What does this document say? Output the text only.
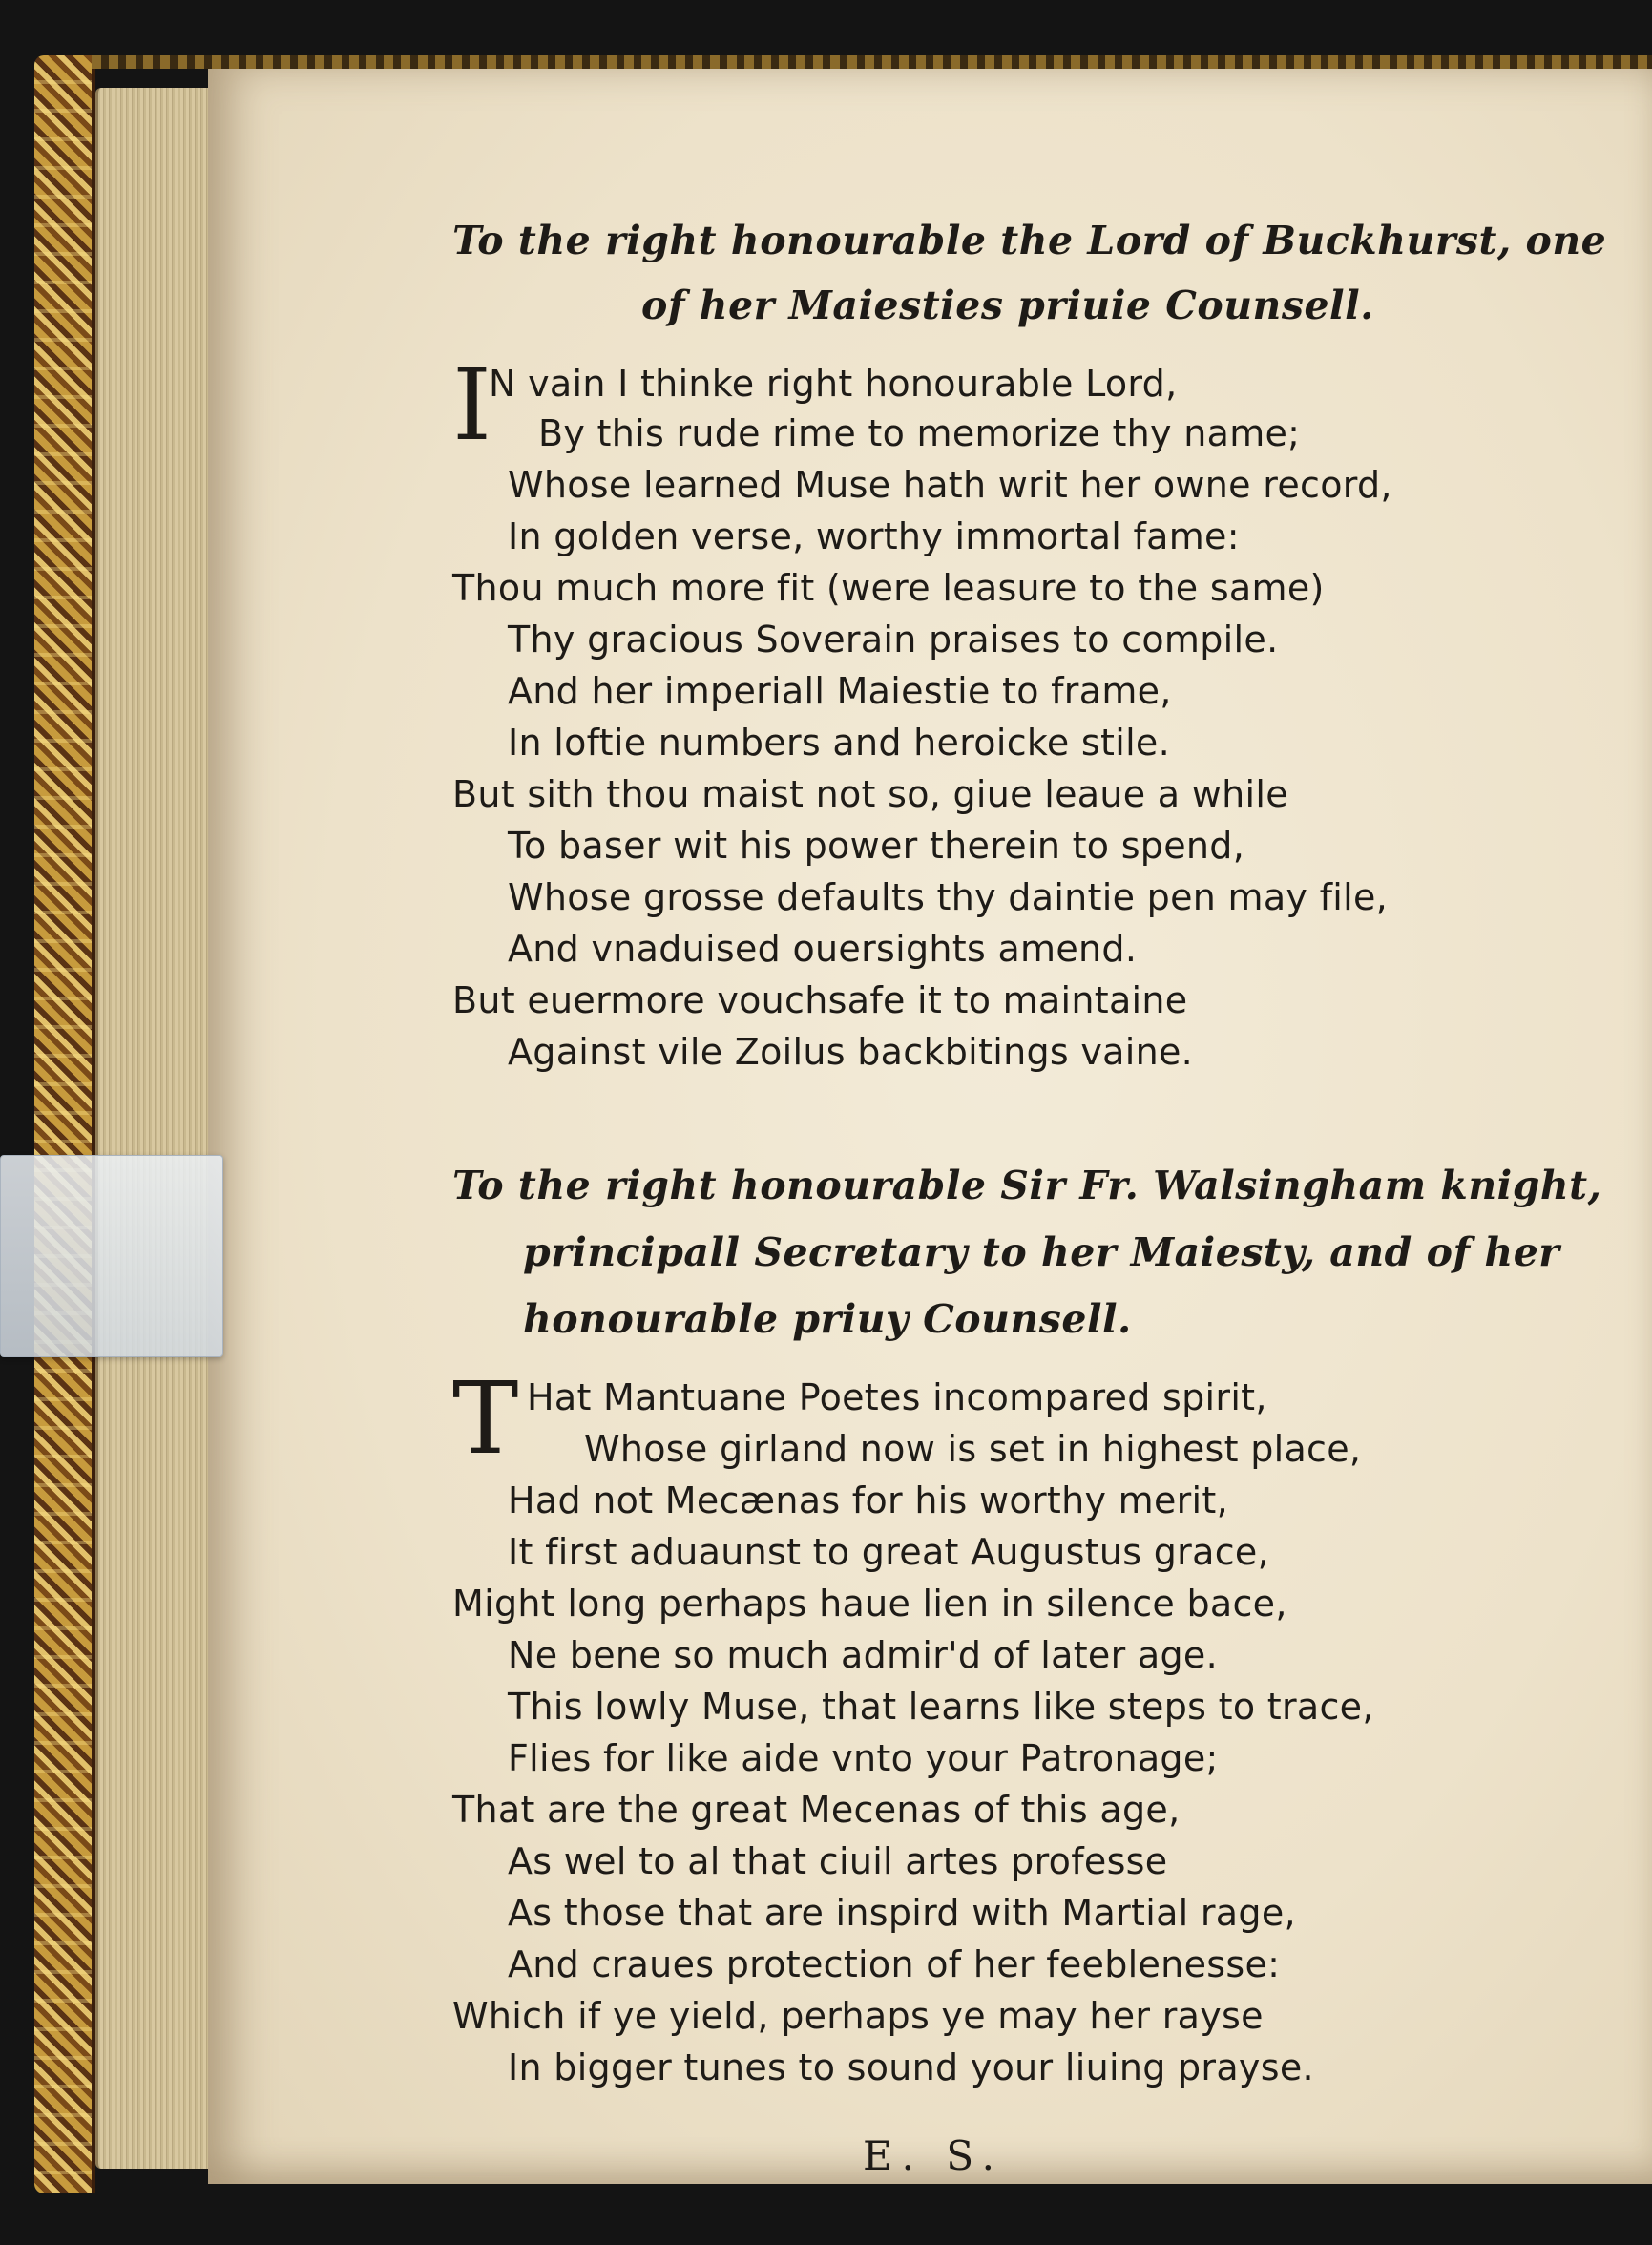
To the right honourable the Lord of Buckhurst, one
of her Maiesties priuie Counsell.
I
N vain I thinke right honourable Lord,
By this rude rime to memorize thy name;
Whose learned Muse hath writ her owne record,
In golden verse, worthy immortal fame:
Thou much more fit (were leasure to the same)
Thy gracious Soverain praises to compile.
And her imperiall Maiestie to frame,
In loftie numbers and heroicke stile.
But sith thou maist not so, giue leaue a while
To baser wit his power therein to spend,
Whose grosse defaults thy daintie pen may file,
And vnaduised ouersights amend.
But euermore vouchsafe it to maintaine
Against vile Zoilus backbitings vaine.
To the right honourable Sir Fr. Walsingham knight,
principall Secretary to her Maiesty, and of her
honourable priuy Counsell.
T Hat Mantuane Poetes incompared spirit,
Whose girland now is set in highest place,
Had not Mecænas for his worthy merit,
It first aduaunst to great Augustus grace,
Might long perhaps haue lien in silence bace,
Ne bene so much admir'd of later age.
This lowly Muse, that learns like steps to trace,
Flies for like aide vnto your Patronage;
That are the great Mecenas of this age,
As wel to al that ciuil artes professe
As those that are inspird with Martial rage,
And craues protection of her feeblenesse:
Which if ye yield, perhaps ye may her rayse
In bigger tunes to sound your liuing prayse.
E. S.
